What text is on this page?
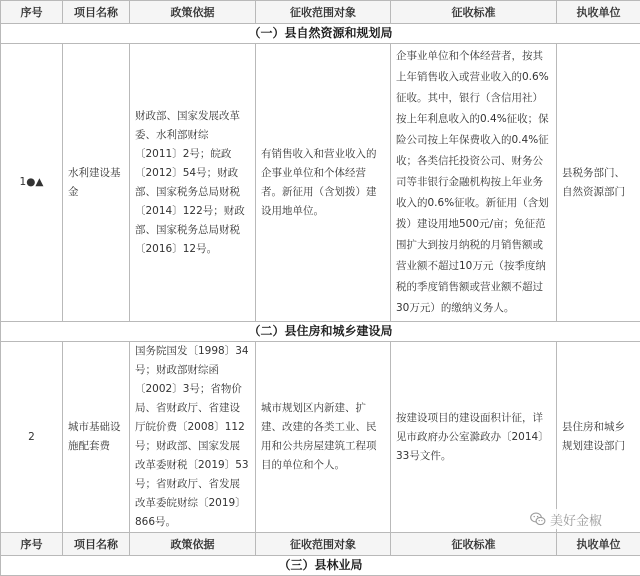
序号	项目名称	政策依据	征收范围对象	征收标准	执收单位
（一）县自然资源和规划局					
1●▲	水利建设基金	财政部、国家发展改革委、水利部财综〔2011〕2号；皖政〔2012〕54号；财政部、国家税务总局财税〔2014〕122号；财政部、国家税务总局财税〔2016〕12号。	有销售收入和营业收入的企事业单位和个体经营者。新征用（含划拨）建设用地单位。	企事业单位和个体经营者，按其上年销售收入或营业收入的0.6%征收。其中，银行（含信用社）按上年利息收入的0.4%征收；保险公司按上年保费收入的0.4%征收；各类信托投资公司、财务公司等非银行金融机构按上年业务收入的0.6%征收。新征用（含划拨）建设用地500元/亩；免征范围扩大到按月纳税的月销售额或营业额不超过10万元（按季度纳税的季度销售额或营业额不超过30万元）的缴纳义务人。	县税务部门、自然资源部门
（二）县住房和城乡建设局					
2	城市基础设施配套费	国务院国发〔1998〕34号；财政部财综函〔2002〕3号；省物价局、省财政厅、省建设厅皖价费〔2008〕112号；财政部、国家发展改革委财税〔2019〕53号；省财政厅、省发展改革委皖财综〔2019〕866号。	城市规划区内新建、扩建、改建的各类工业、民用和公共房屋建筑工程项目的单位和个人。	按建设项目的建设面积计征，详见市政府办公室滁政办〔2014〕33号文件。	县住房和城乡规划建设部门
序号	项目名称	政策依据	征收范围对象	征收标准	执收单位
（三）县林业局					
美好金椒
